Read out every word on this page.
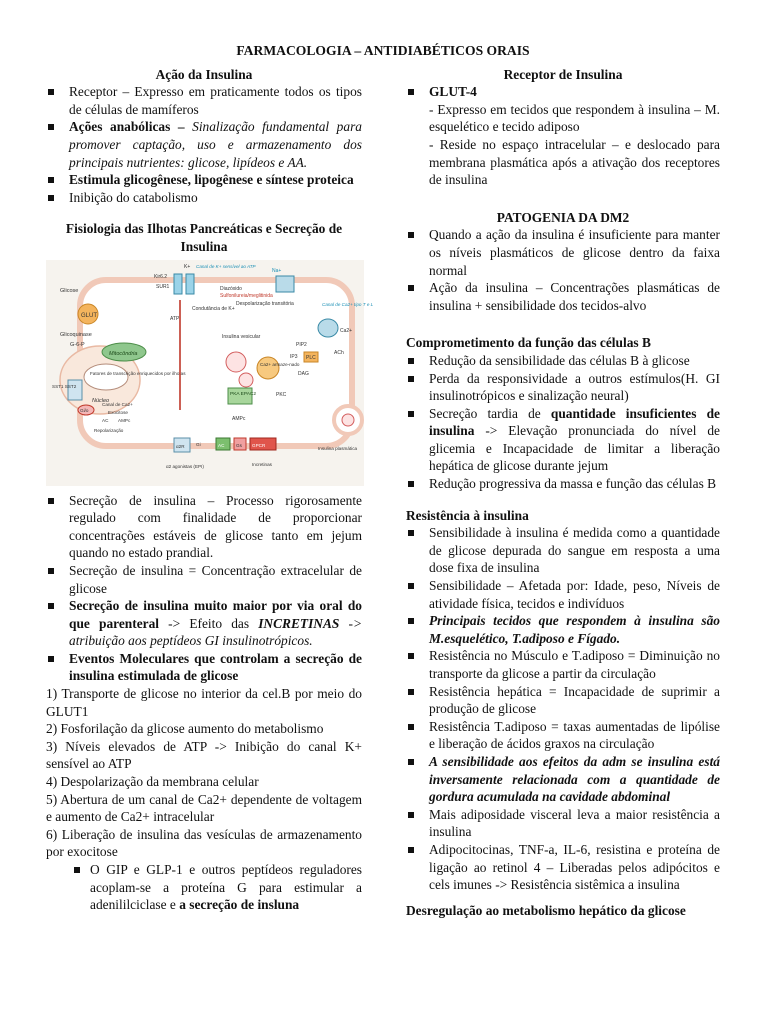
FARMACOLOGIA – ANTIDIABÉTICOS ORAIS
Ação da Insulina
Receptor – Expresso em praticamente todos os tipos de células de mamíferos
Ações anabólicas – Sinalização fundamental para promover captação, uso e armazenamento dos principais nutrientes: glicose, lipídeos e AA.
Estimula glicogênese, lipogênese e síntese proteica
Inibição do catabolismo
Fisiologia das Ilhotas Pancreáticas e Secreção de Insulina
GLUT
Glicose
Glicoquinase
G-6-P
Mitocôndria
Fatores de transcrição enriquecidos por ilhotas
Núcleo
Kir6.2
SUR1
K+ Canal de K+ sensível ao ATP
Diazóxido
Sulfonilureia/meglitinida
Condutância de K+
ATP
Na+
Despolarização transitória	Canal de Ca2+ tipo T e L
Ca2+
Insulina vesicular
Ca2+ armaze-nado
PLC
PIP2
IP3
DAG
ACh
PKC
PKA EPAC2
AMPc
SST1 SST2
Gi/o
Canal de Ca2+
Exocitose
AC AMPc
Repolarização
α2R Gi	AC	Gs GPCR
α2 agonistas (EPI)	Incretinas
Insulina plasmática
Secreção de insulina – Processo rigorosamente regulado com finalidade de proporcionar concentrações estáveis de glicose tanto em jejum quando no estado prandial.
Secreção de insulina = Concentração extracelular de glicose
Secreção de insulina muito maior por via oral do que parenteral -> Efeito das INCRETINAS -> atribuição aos peptídeos GI insulinotrópicos.
Eventos Moleculares que controlam a secreção de insulina estimulada de glicose

1) Transporte de glicose no interior da cel.B por meio do GLUT1

2) Fosforilação da glicose aumento do metabolismo

3) Níveis elevados de ATP -> Inibição do canal K+ sensível ao ATP

4) Despolarização da membrana celular

5) Abertura de um canal de Ca2+ dependente de voltagem e aumento de Ca2+ intracelular

6) Liberação de insulina das vesículas de armazenamento por exocitose

O GIP e GLP-1 e outros peptídeos reguladores acoplam-se a proteína G para estimular a adenililciclase e a secreção de insluna
Receptor de Insulina
GLUT-4
- Expresso em tecidos que respondem à insulina – M. esquelético e tecido adiposo
- Reside no espaço intracelular – e deslocado para membrana plasmática após a ativação dos receptores de insulina
PATOGENIA DA DM2
Quando a ação da insulina é insuficiente para manter os níveis plasmáticos de glicose dentro da faixa normal
Ação da insulina – Concentrações plasmáticas de insulina + sensibilidade dos tecidos-alvo
Comprometimento da função das células B
Redução da sensibilidade das células B à glicose
Perda da responsividade a outros estímulos(H. GI insulinotrópicos e sinalização neural)
Secreção tardia de quantidade insuficientes de insulina -> Elevação pronunciada do nível de glicemia e Incapacidade de limitar a liberação hepática de glicose durante jejum
Redução progressiva da massa e função das células B
Resistência à insulina
Sensibilidade à insulina é medida como a quantidade de glicose depurada do sangue em resposta a uma dose fixa de insulina
Sensibilidade – Afetada por: Idade, peso, Níveis de atividade física, tecidos e indivíduos
Principais tecidos que respondem à insulina são M.esquelético, T.adiposo e Fígado.
Resistência no Músculo e T.adiposo = Diminuição no transporte da glicose a partir da circulação
Resistência hepática = Incapacidade de suprimir a produção de glicose
Resistência T.adiposo = taxas aumentadas de lipólise e liberação de ácidos graxos na circulação
A sensibilidade aos efeitos da adm se insulina está inversamente relacionada com a quantidade de gordura acumulada na cavidade abdominal
Mais adiposidade visceral leva a maior resistência a insulina
Adipocitocinas, TNF-a, IL-6, resistina e proteína de ligação ao retinol 4 – Liberadas pelos adipócitos e cels imunes -> Resistência sistêmica a insulina
Desregulação ao metabolismo hepático da glicose
